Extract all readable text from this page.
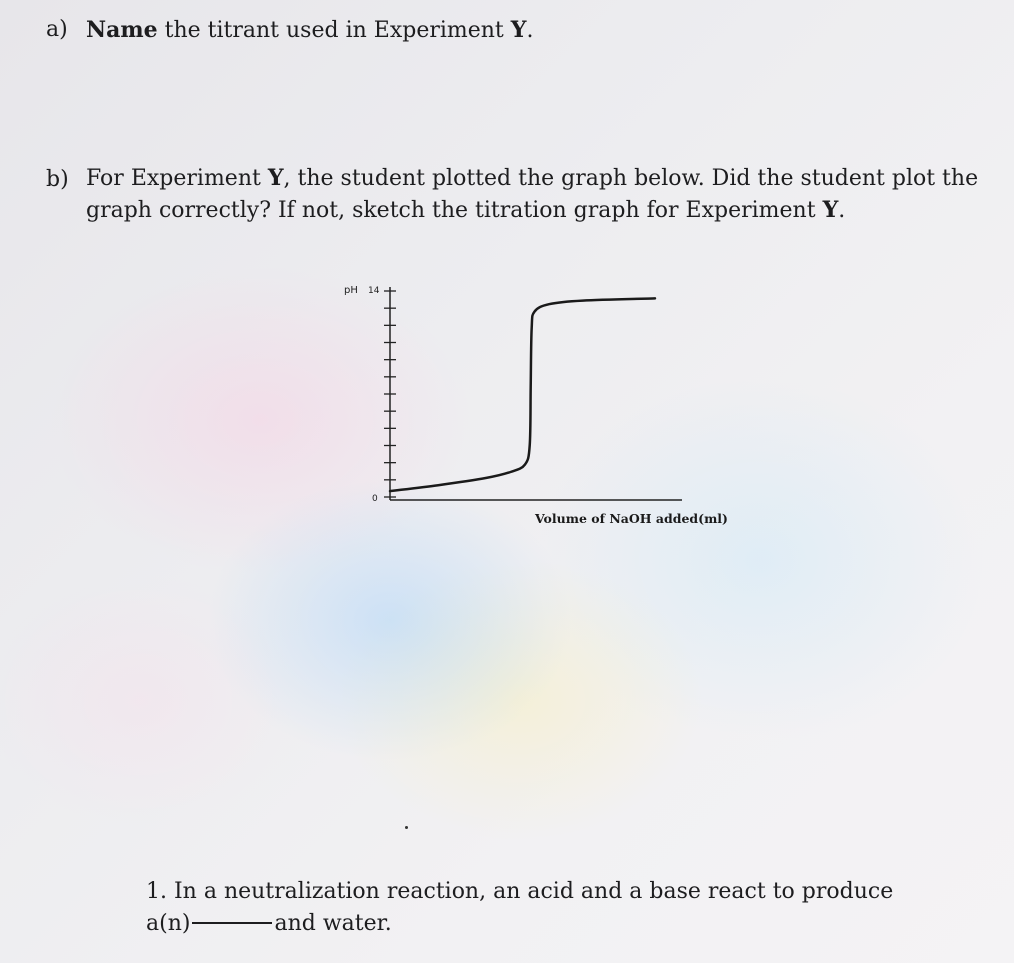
a) Name the titrant used in Experiment Y.
b) For Experiment Y, the student plotted the graph below. Did the student plot the
graph correctly? If not, sketch the titration graph for Experiment Y.
pH 14
0
Volume of NaOH added(ml)
1. In a neutralization reaction, an acid and a base react to produce
a(n)	and water.
